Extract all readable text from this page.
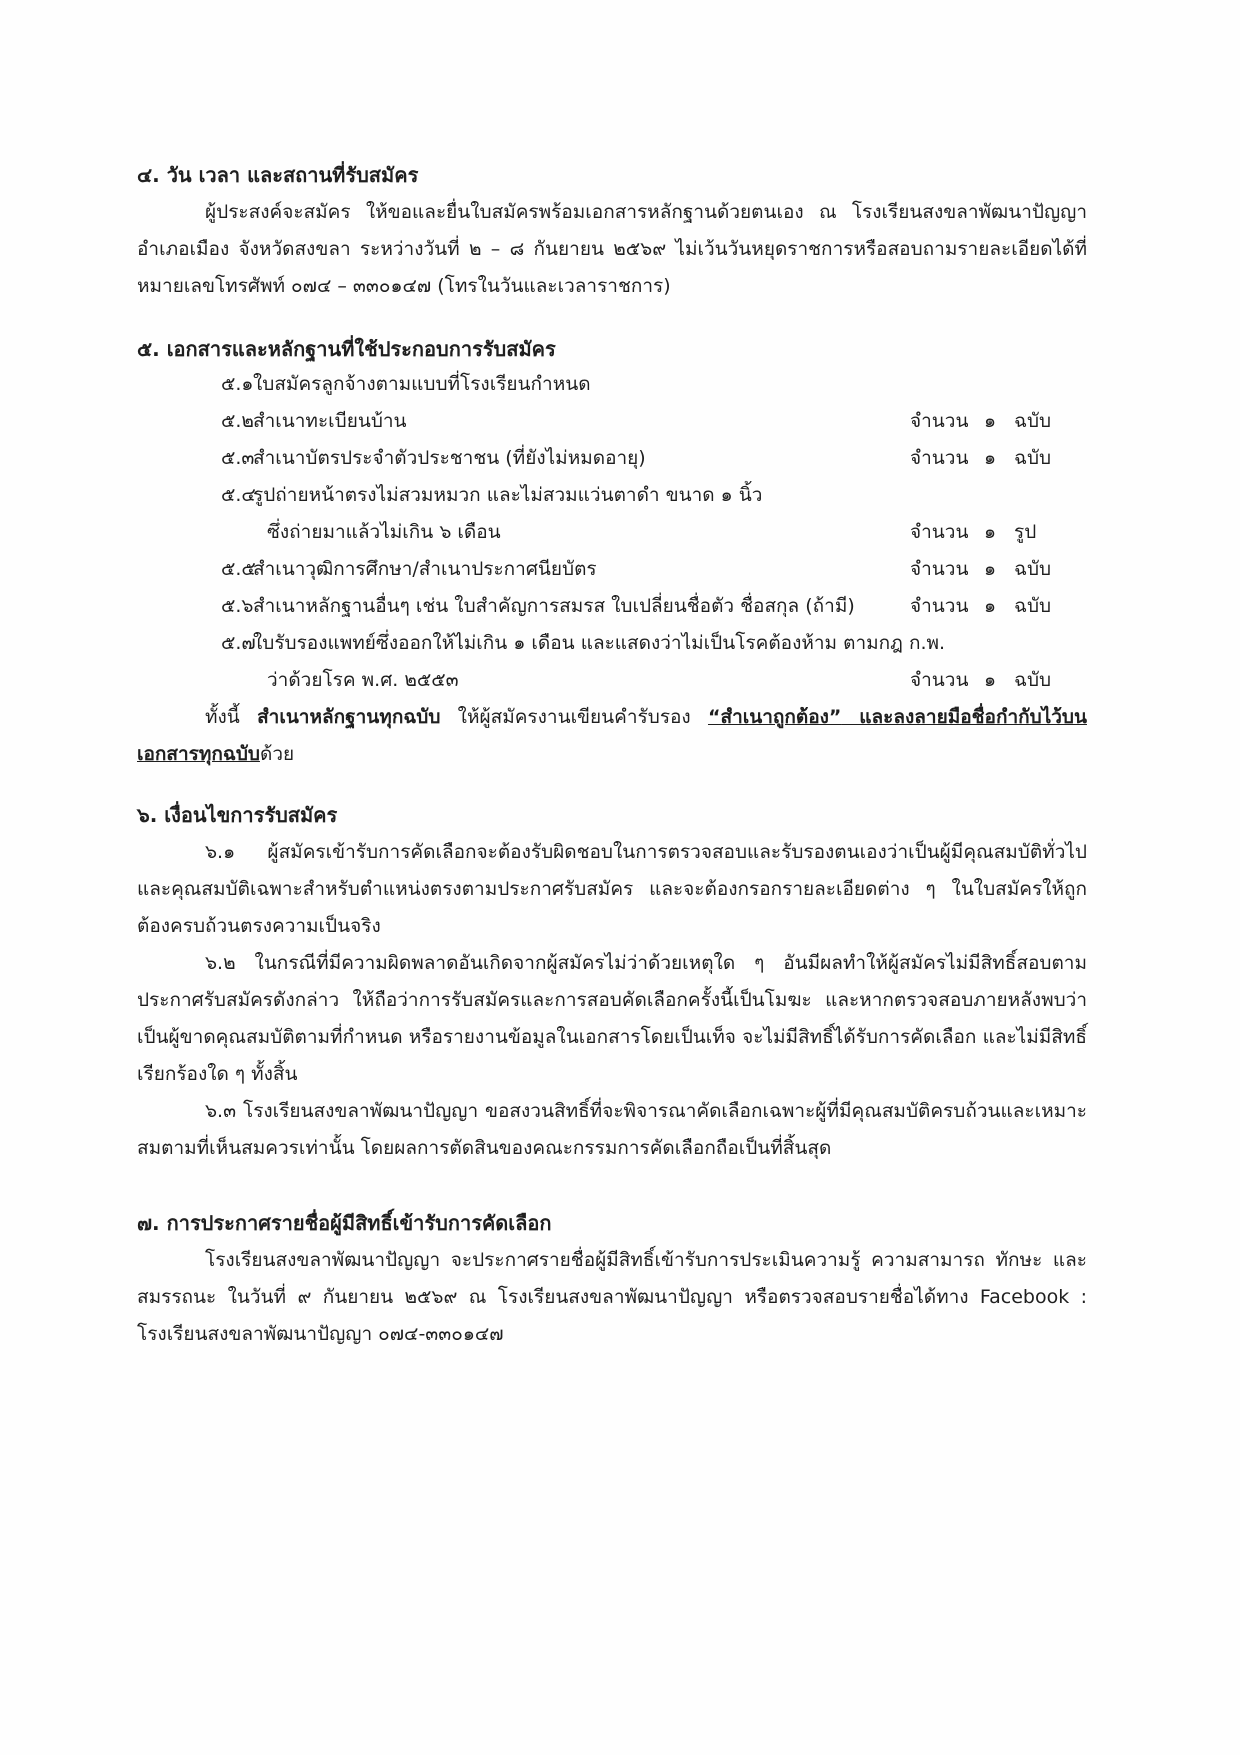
๔. วัน เวลา และสถานที่รับสมัคร

ผู้ประสงค์จะสมัคร ให้ขอและยื่นใบสมัครพร้อมเอกสารหลักฐานด้วยตนเอง ณ โรงเรียนสงขลาพัฒนาปัญญา อำเภอเมือง จังหวัดสงขลา ระหว่างวันที่ ๒ – ๘ กันยายน ๒๕๖๙ ไม่เว้นวันหยุดราชการหรือสอบถามรายละเอียดได้ที่หมายเลขโทรศัพท์ ๐๗๔ – ๓๓๐๑๔๗ (โทรในวันและเวลาราชการ)

๕. เอกสารและหลักฐานที่ใช้ประกอบการรับสมัคร

๕.๑ ใบสมัครลูกจ้างตามแบบที่โรงเรียนกำหนด
๕.๒ สำเนาทะเบียนบ้าน	จำนวน ๑ ฉบับ
๕.๓
สำเนาบัตรประจำตัวประชาชน (ที่ยังไม่หมดอายุ)	จำนวน ๑ ฉบับ
๕.๔
รูปถ่ายหน้าตรงไม่สวมหมวก และไม่สวมแว่นตาดำ ขนาด ๑ นิ้ว
ซึ่งถ่ายมาแล้วไม่เกิน ๖ เดือน	จำนวน ๑ รูป
๕.๕
สำเนาวุฒิการศึกษา/สำเนาประกาศนียบัตร	จำนวน ๑ ฉบับ
๕.๖ สำเนาหลักฐานอื่นๆ เช่น ใบสำคัญการสมรส ใบเปลี่ยนชื่อตัว ชื่อสกุล (ถ้ามี)	จำนวน ๑ ฉบับ
๕.๗
ใบรับรองแพทย์ซึ่งออกให้ไม่เกิน ๑ เดือน และแสดงว่าไม่เป็นโรคต้องห้าม ตามกฎ ก.พ.
ว่าด้วยโรค พ.ศ. ๒๕๕๓	จำนวน ๑ ฉบับ

ทั้งนี้ สำเนาหลักฐานทุกฉบับ ให้ผู้สมัครงานเขียนคำรับรอง “สำเนาถูกต้อง” และลงลายมือชื่อกำกับไว้บนเอกสารทุกฉบับด้วย

๖. เงื่อนไขการรับสมัคร

๖.๑ ผู้สมัครเข้ารับการคัดเลือกจะต้องรับผิดชอบในการตรวจสอบและรับรองตนเองว่าเป็นผู้มีคุณสมบัติทั่วไปและคุณสมบัติเฉพาะสำหรับตำแหน่งตรงตามประกาศรับสมัคร และจะต้องกรอกรายละเอียดต่าง ๆ ในใบสมัครให้ถูกต้องครบถ้วนตรงความเป็นจริง

๖.๒ ในกรณีที่มีความผิดพลาดอันเกิดจากผู้สมัครไม่ว่าด้วยเหตุใด ๆ อันมีผลทำให้ผู้สมัครไม่มีสิทธิ์สอบตามประกาศรับสมัครดังกล่าว ให้ถือว่าการรับสมัครและการสอบคัดเลือกครั้งนี้เป็นโมฆะ และหากตรวจสอบภายหลังพบว่าเป็นผู้ขาดคุณสมบัติตามที่กำหนด หรือรายงานข้อมูลในเอกสารโดยเป็นเท็จ จะไม่มีสิทธิ์ได้รับการคัดเลือก และไม่มีสิทธิ์เรียกร้องใด ๆ ทั้งสิ้น

๖.๓ โรงเรียนสงขลาพัฒนาปัญญา ขอสงวนสิทธิ์ที่จะพิจารณาคัดเลือกเฉพาะผู้ที่มีคุณสมบัติครบถ้วนและเหมาะสมตามที่เห็นสมควรเท่านั้น โดยผลการตัดสินของคณะกรรมการคัดเลือกถือเป็นที่สิ้นสุด

๗. การประกาศรายชื่อผู้มีสิทธิ์เข้ารับการคัดเลือก

โรงเรียนสงขลาพัฒนาปัญญา จะประกาศรายชื่อผู้มีสิทธิ์เข้ารับการประเมินความรู้ ความสามารถ ทักษะ และสมรรถนะ ในวันที่ ๙ กันยายน ๒๕๖๙ ณ โรงเรียนสงขลาพัฒนาปัญญา หรือตรวจสอบรายชื่อได้ทาง Facebook : โรงเรียนสงขลาพัฒนาปัญญา ๐๗๔-๓๓๐๑๔๗
